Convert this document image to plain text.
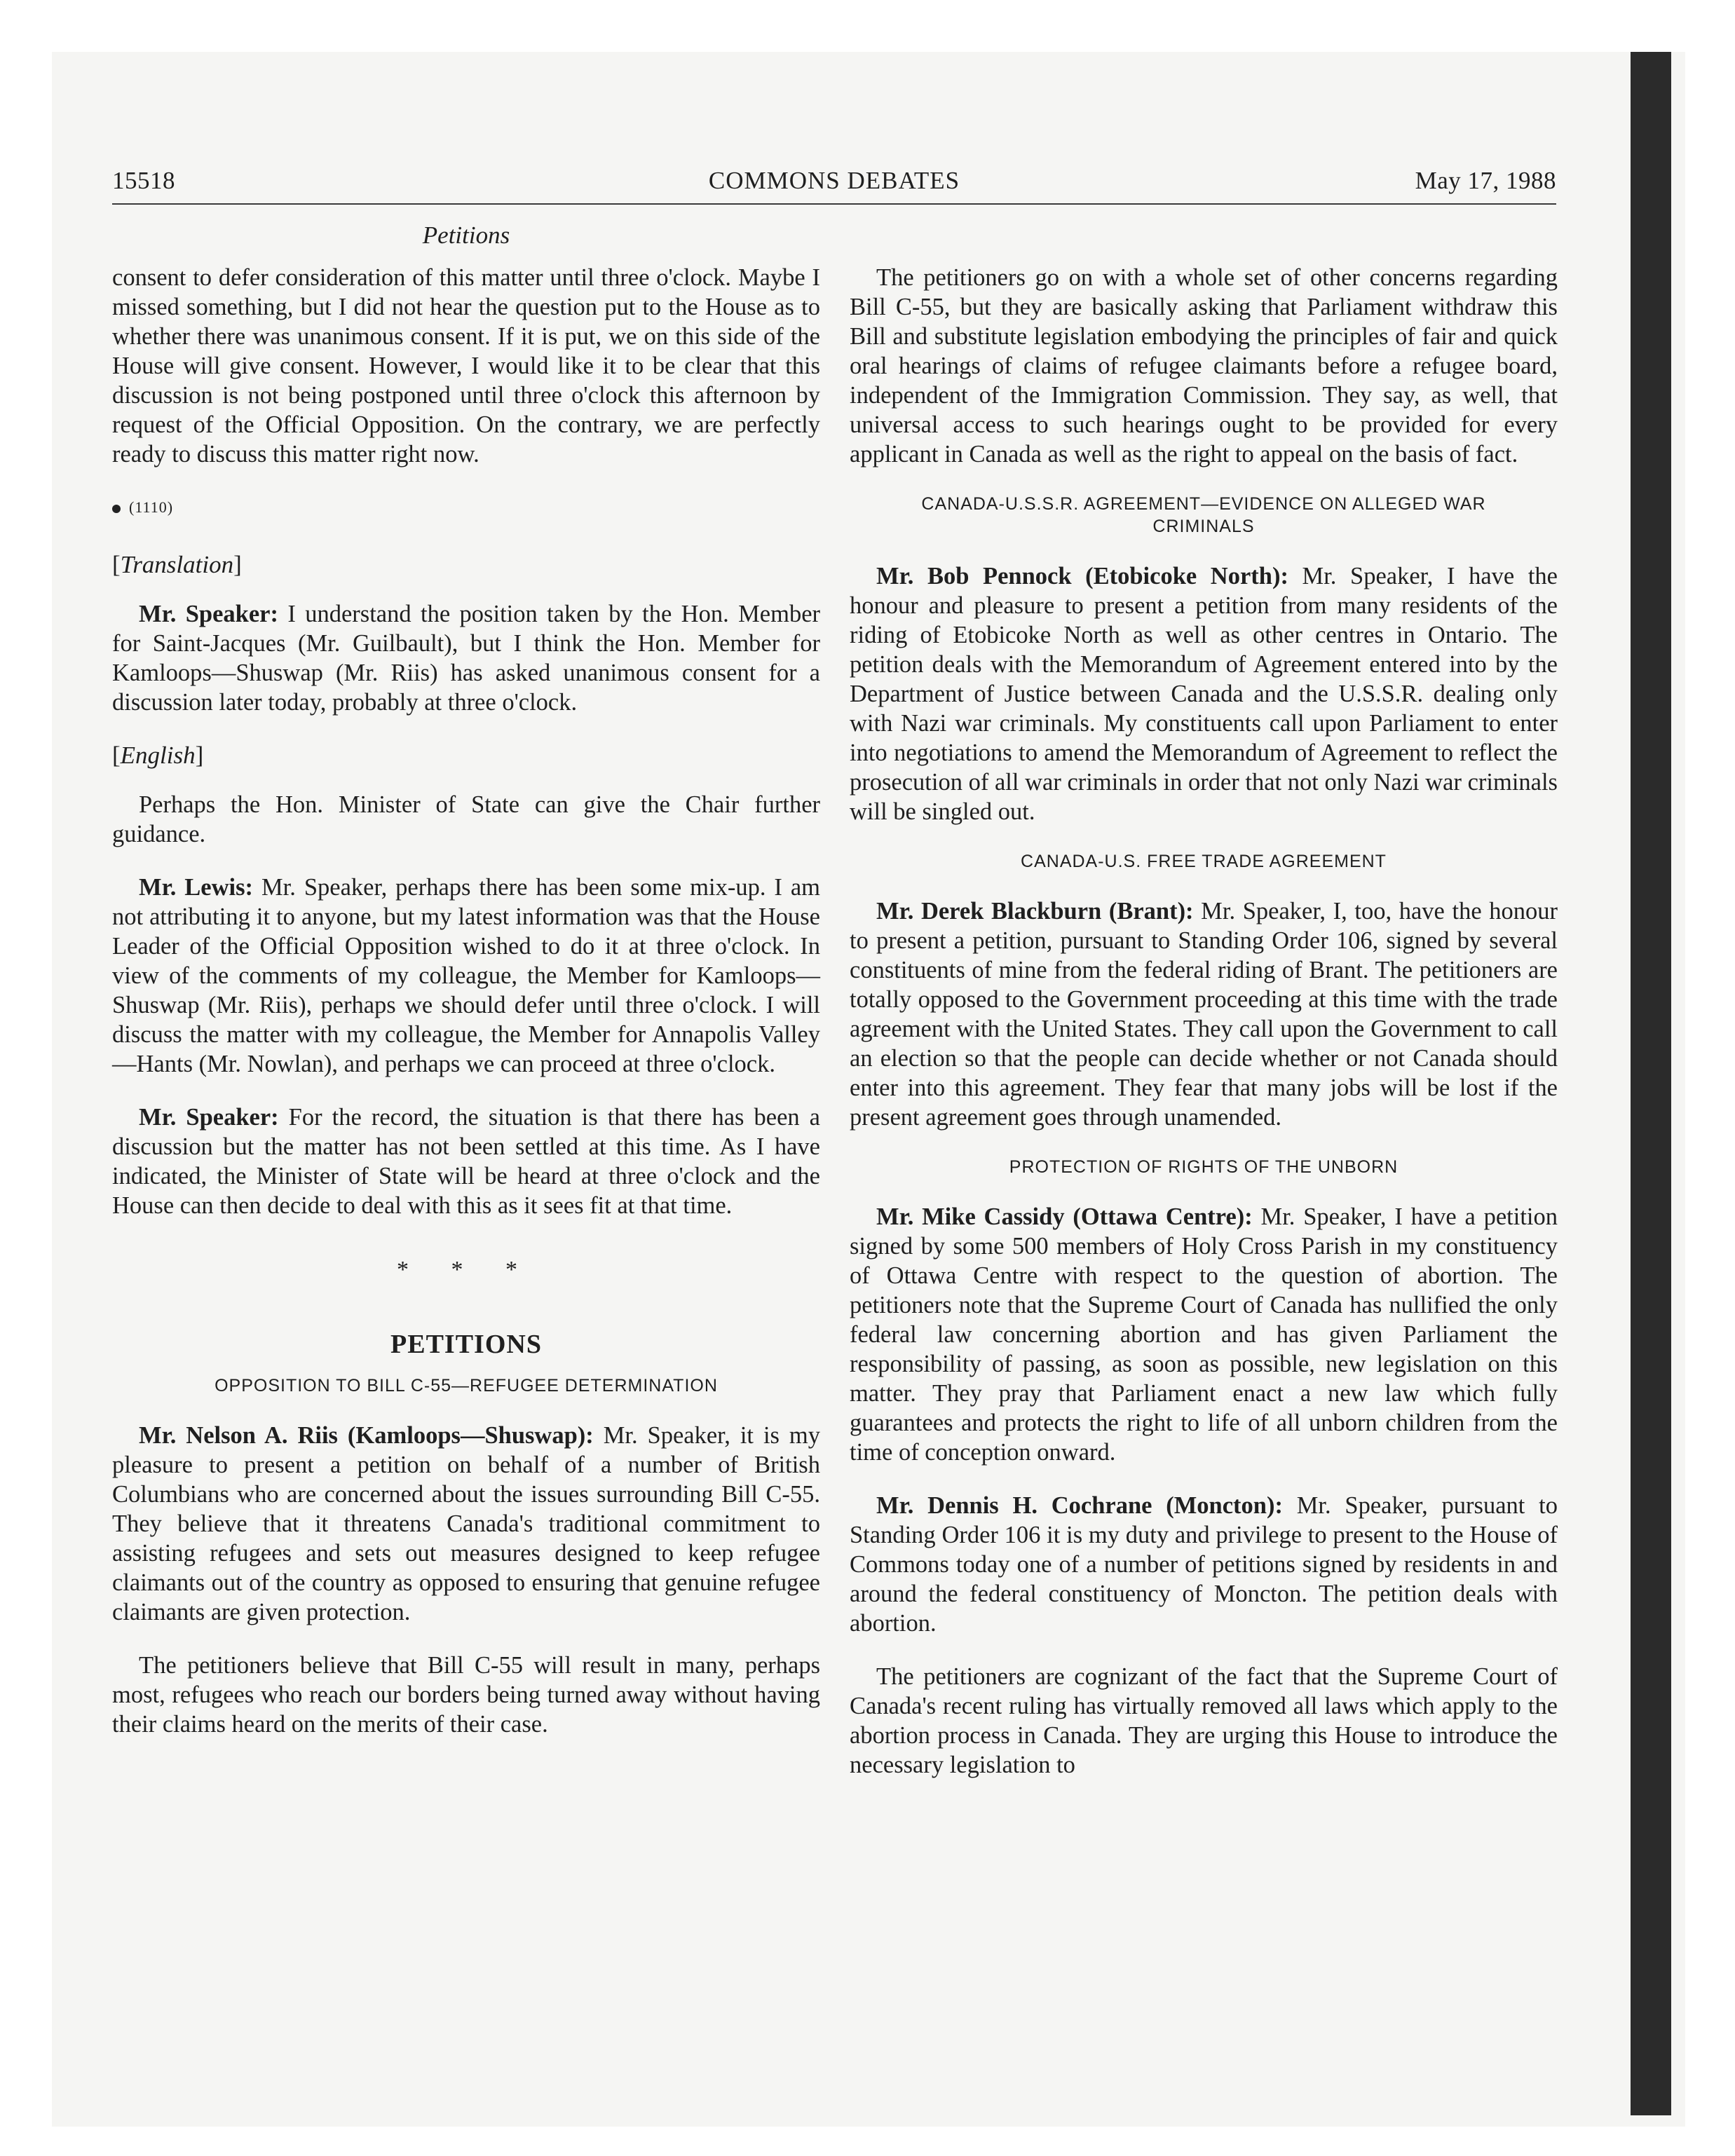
15518	COMMONS DEBATES	May 17, 1988
Petitions

consent to defer consideration of this matter until three o'clock. Maybe I missed something, but I did not hear the question put to the House as to whether there was unanimous consent. If it is put, we on this side of the House will give consent. However, I would like it to be clear that this discussion is not being postponed until three o'clock this afternoon by request of the Official Opposition. On the contrary, we are perfectly ready to discuss this matter right now.

(1110)
[Translation]

Mr. Speaker: I understand the position taken by the Hon. Member for Saint-Jacques (Mr. Guilbault), but I think the Hon. Member for Kamloops—Shuswap (Mr. Riis) has asked unanimous consent for a discussion later today, probably at three o'clock.

[English]

Perhaps the Hon. Minister of State can give the Chair further guidance.

Mr. Lewis: Mr. Speaker, perhaps there has been some mix-up. I am not attributing it to anyone, but my latest information was that the House Leader of the Official Opposition wished to do it at three o'clock. In view of the comments of my colleague, the Member for Kamloops—Shuswap (Mr. Riis), perhaps we should defer until three o'clock. I will discuss the matter with my colleague, the Member for Annapolis Valley—Hants (Mr. Nowlan), and perhaps we can proceed at three o'clock.

Mr. Speaker: For the record, the situation is that there has been a discussion but the matter has not been settled at this time. As I have indicated, the Minister of State will be heard at three o'clock and the House can then decide to deal with this as it sees fit at that time.

* * *
PETITIONS
OPPOSITION TO BILL C-55—REFUGEE DETERMINATION

Mr. Nelson A. Riis (Kamloops—Shuswap): Mr. Speaker, it is my pleasure to present a petition on behalf of a number of British Columbians who are concerned about the issues surrounding Bill C-55. They believe that it threatens Canada's traditional commitment to assisting refugees and sets out measures designed to keep refugee claimants out of the country as opposed to ensuring that genuine refugee claimants are given protection.

The petitioners believe that Bill C-55 will result in many, perhaps most, refugees who reach our borders being turned away without having their claims heard on the merits of their case.

The petitioners go on with a whole set of other concerns regarding Bill C-55, but they are basically asking that Parliament withdraw this Bill and substitute legislation embodying the principles of fair and quick oral hearings of claims of refugee claimants before a refugee board, independent of the Immigration Commission. They say, as well, that universal access to such hearings ought to be provided for every applicant in Canada as well as the right to appeal on the basis of fact.

CANADA-U.S.S.R. AGREEMENT—EVIDENCE ON ALLEGED WAR CRIMINALS

Mr. Bob Pennock (Etobicoke North): Mr. Speaker, I have the honour and pleasure to present a petition from many residents of the riding of Etobicoke North as well as other centres in Ontario. The petition deals with the Memorandum of Agreement entered into by the Department of Justice between Canada and the U.S.S.R. dealing only with Nazi war criminals. My constituents call upon Parliament to enter into negotiations to amend the Memorandum of Agreement to reflect the prosecution of all war criminals in order that not only Nazi war criminals will be singled out.

CANADA-U.S. FREE TRADE AGREEMENT

Mr. Derek Blackburn (Brant): Mr. Speaker, I, too, have the honour to present a petition, pursuant to Standing Order 106, signed by several constituents of mine from the federal riding of Brant. The petitioners are totally opposed to the Government proceeding at this time with the trade agreement with the United States. They call upon the Government to call an election so that the people can decide whether or not Canada should enter into this agreement. They fear that many jobs will be lost if the present agreement goes through unamended.

PROTECTION OF RIGHTS OF THE UNBORN

Mr. Mike Cassidy (Ottawa Centre): Mr. Speaker, I have a petition signed by some 500 members of Holy Cross Parish in my constituency of Ottawa Centre with respect to the question of abortion. The petitioners note that the Supreme Court of Canada has nullified the only federal law concerning abortion and has given Parliament the responsibility of passing, as soon as possible, new legislation on this matter. They pray that Parliament enact a new law which fully guarantees and protects the right to life of all unborn children from the time of conception onward.

Mr. Dennis H. Cochrane (Moncton): Mr. Speaker, pursuant to Standing Order 106 it is my duty and privilege to present to the House of Commons today one of a number of petitions signed by residents in and around the federal constituency of Moncton. The petition deals with abortion.

The petitioners are cognizant of the fact that the Supreme Court of Canada's recent ruling has virtually removed all laws which apply to the abortion process in Canada. They are urging this House to introduce the necessary legislation to
